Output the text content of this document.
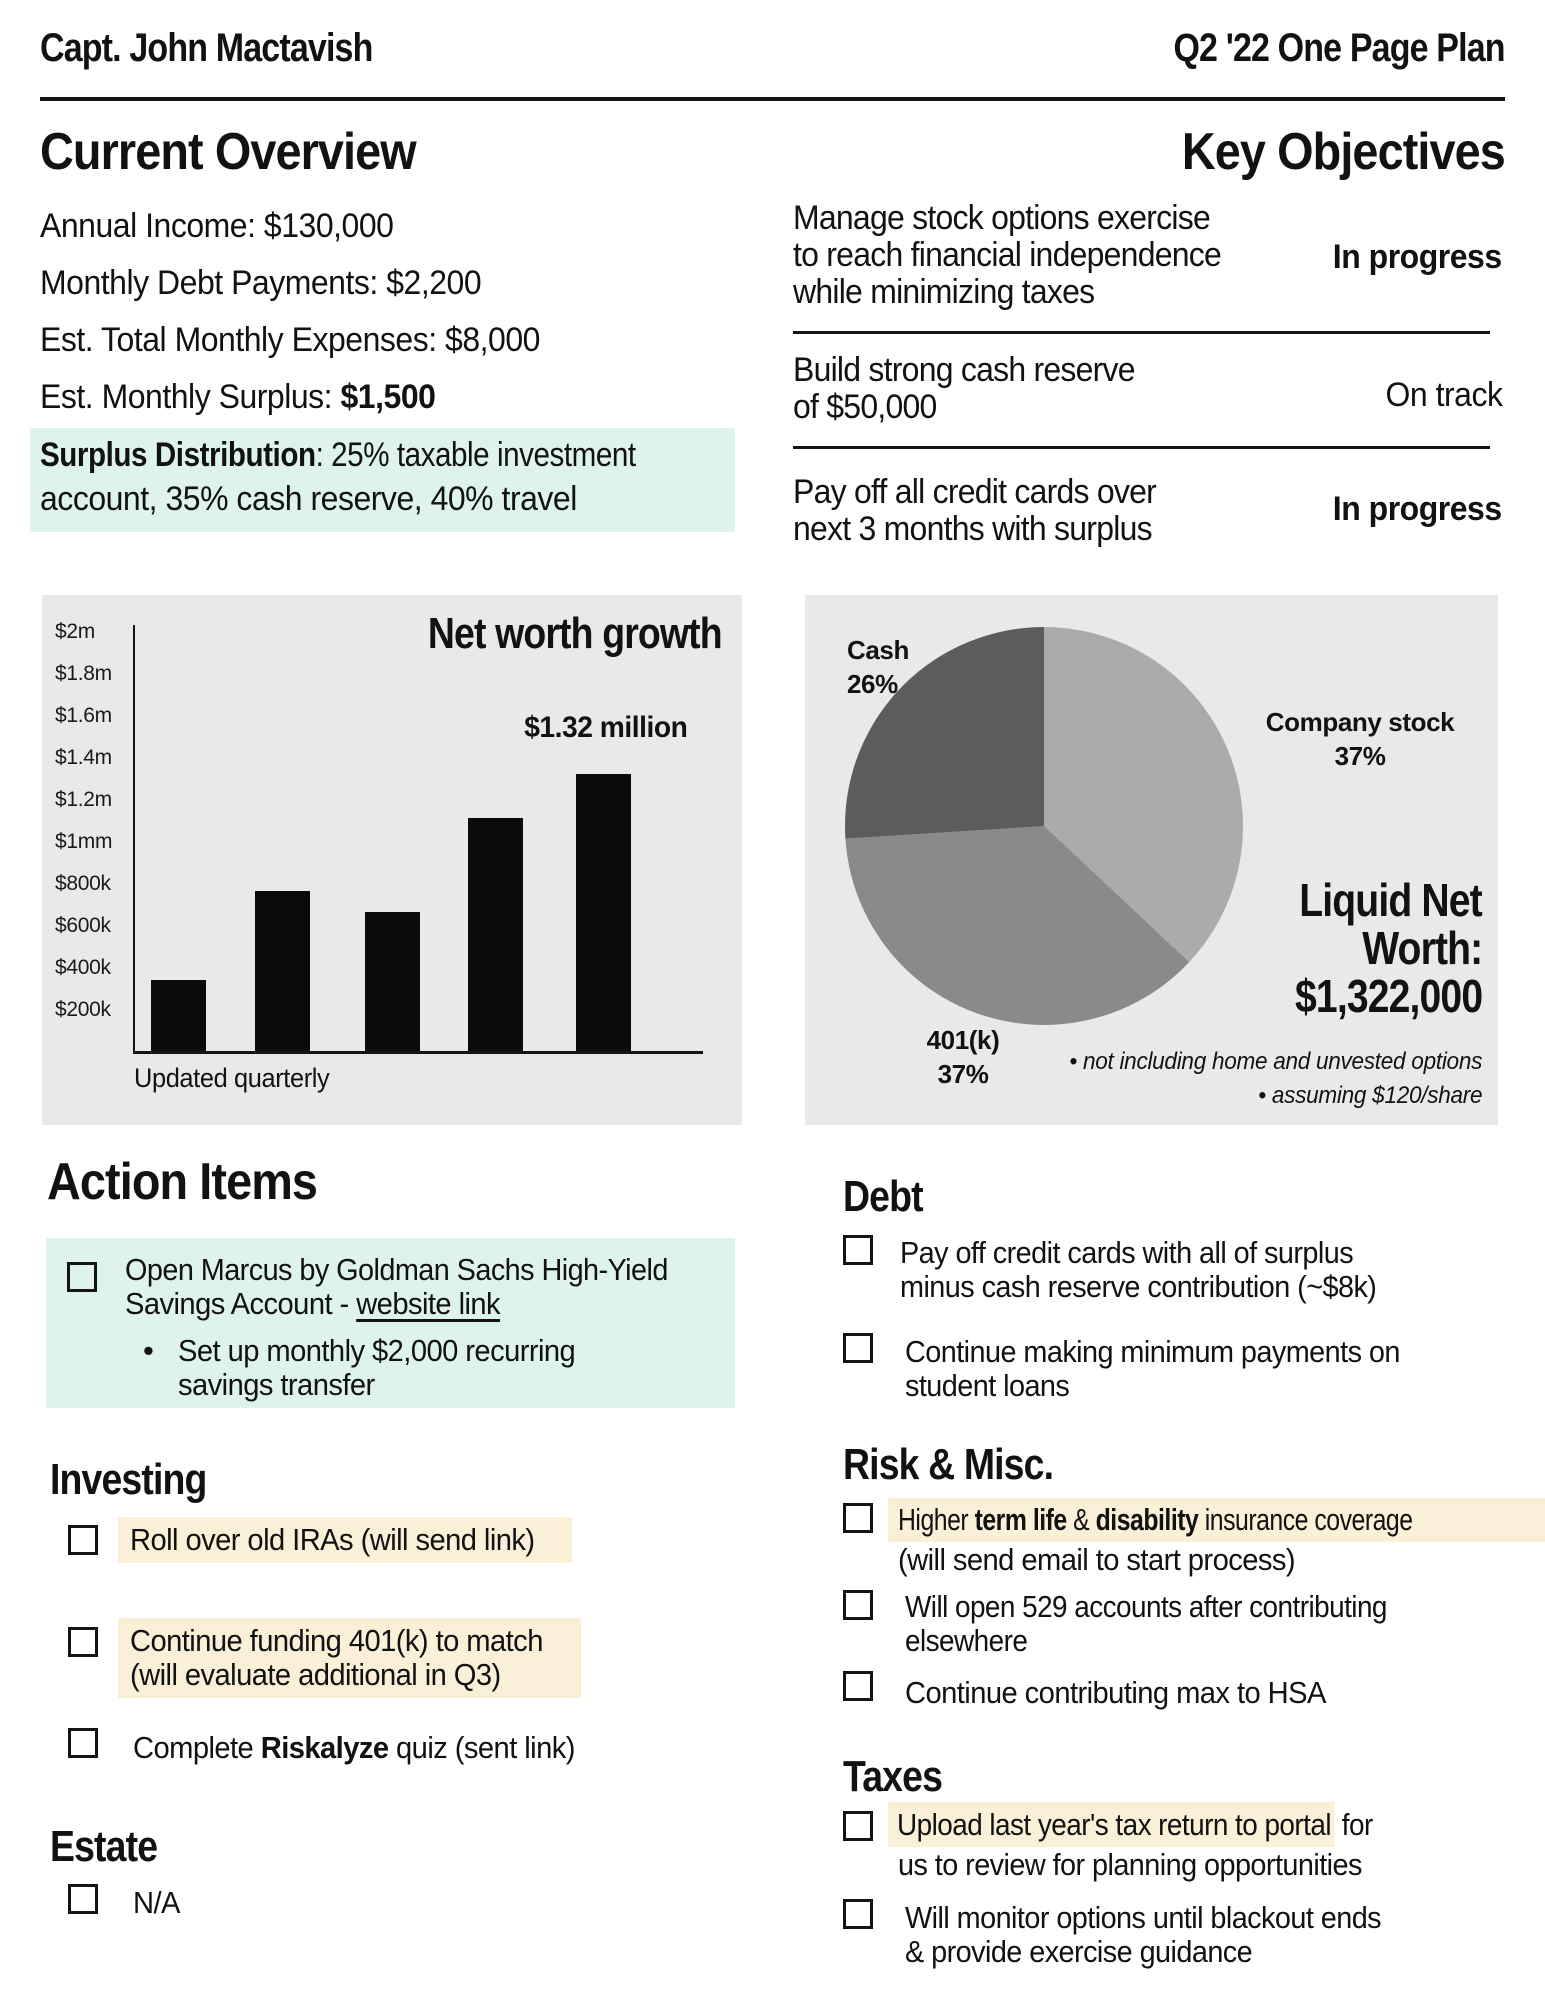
Capt. John Mactavish	Q2 '22 One Page Plan
Current Overview
Annual Income: $130,000
Monthly Debt Payments: $2,200
Est. Total Monthly Expenses: $8,000
Est. Monthly Surplus: $1,500
Surplus Distribution: 25% taxable investment
account, 35% cash reserve, 40% travel
Key Objectives
Manage stock options exercise
to reach financial independence
while minimizing taxes
In progress
Build strong cash reserve
of $50,000	On track
Pay off all credit cards over
next 3 months with surplus
In progress
Net worth growth
$2m
$1.8m
$1.6m
$1.4m
$1.2m
$1mm
$800k
$600k
$400k
$200k
$1.32 million
Updated quarterly
Cash
26%
Company stock
37%
401(k)
37%
Liquid Net
Worth:
$1,322,000
• not including home and unvested options
• assuming $120/share
Action Items
Open Marcus by Goldman Sachs High-Yield
Savings Account - website link
• Set up monthly $2,000 recurring
savings transfer
Investing
Roll over old IRAs (will send link)
Continue funding 401(k) to match
(will evaluate additional in Q3)
Complete Riskalyze quiz (sent link)
Estate
N/A
Debt
Pay off credit cards with all of surplus
minus cash reserve contribution (~$8k)
Continue making minimum payments on
student loans
Risk & Misc.
Higher term life & disability insurance coverage
(will send email to start process)
Will open 529 accounts after contributing
elsewhere
Continue contributing max to HSA
Taxes
Upload last year's tax return to portal for
us to review for planning opportunities
Will monitor options until blackout ends
& provide exercise guidance
